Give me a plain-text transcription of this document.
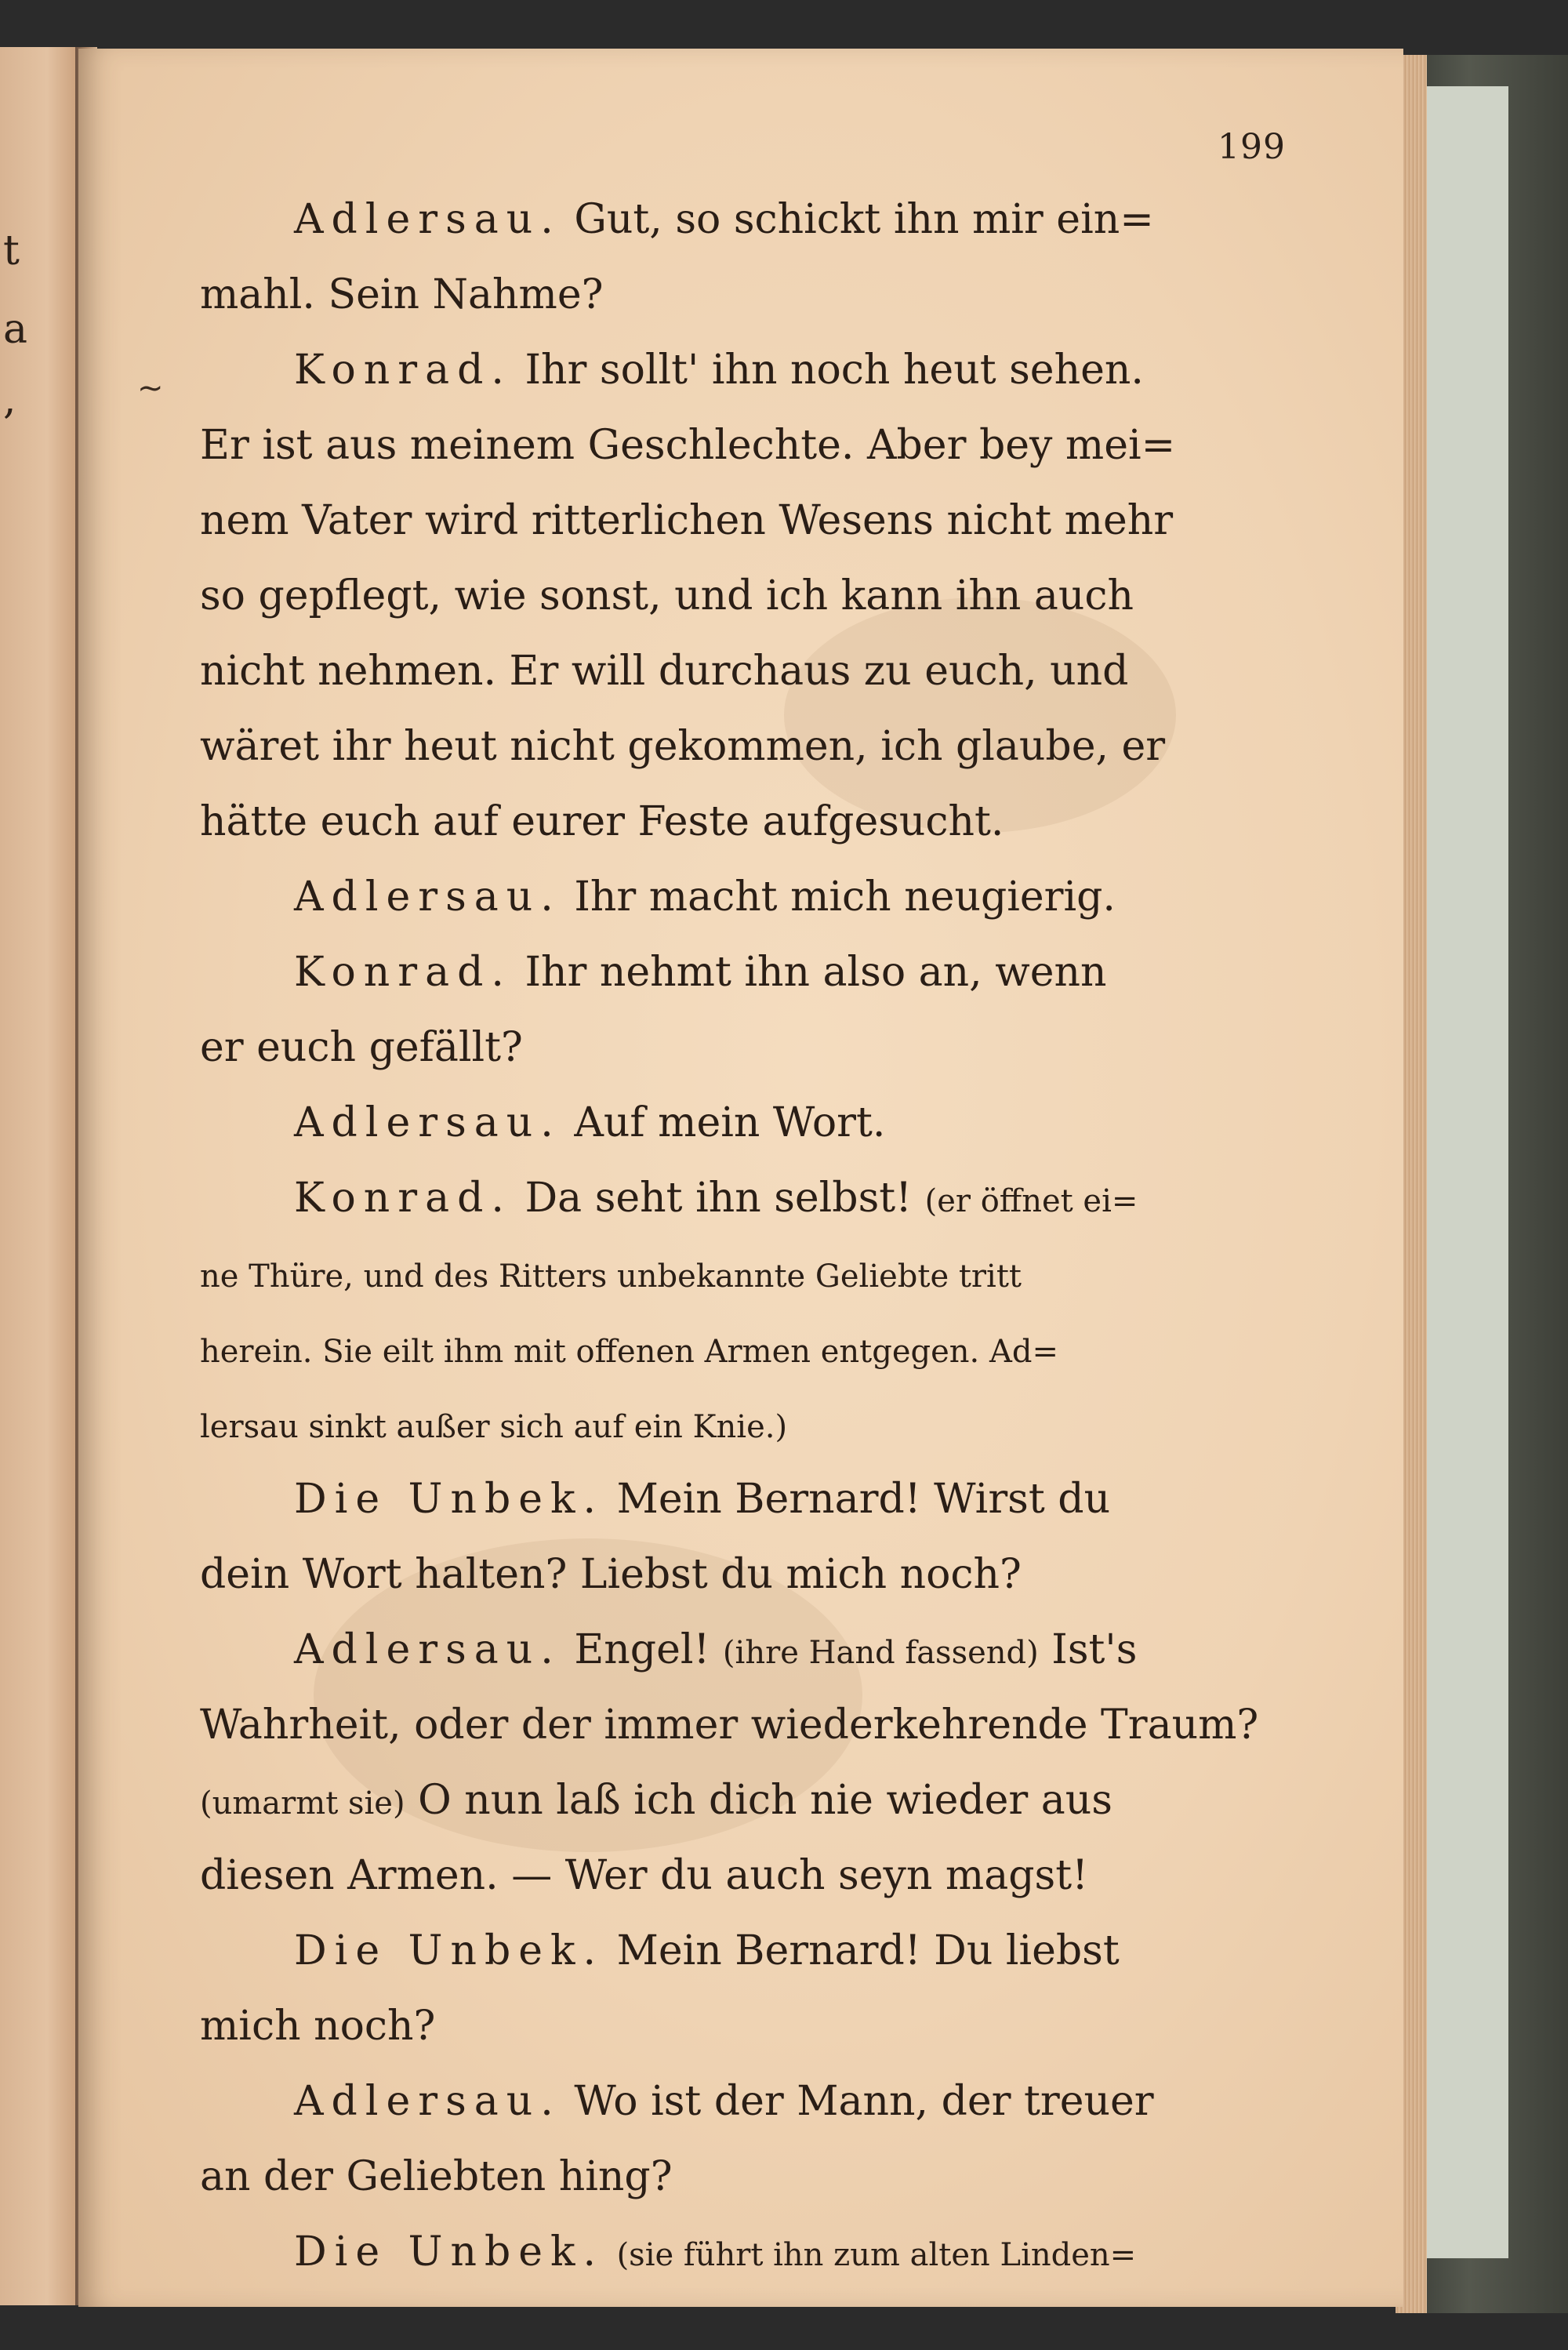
t
a
,
199
~
Adlersau. Gut, so schickt ihn mir ein=
mahl. Sein Nahme?
Konrad. Ihr sollt' ihn noch heut sehen.
Er ist aus meinem Geschlechte. Aber bey mei=
nem Vater wird ritterlichen Wesens nicht mehr
so gepflegt, wie sonst, und ich kann ihn auch
nicht nehmen. Er will durchaus zu euch, und
wäret ihr heut nicht gekommen, ich glaube, er
hätte euch auf eurer Feste aufgesucht.
Adlersau. Ihr macht mich neugierig.
Konrad. Ihr nehmt ihn also an, wenn
er euch gefällt?
Adlersau. Auf mein Wort.
Konrad. Da seht ihn selbst! (er öffnet ei=
ne Thüre, und des Ritters unbekannte Geliebte tritt
herein. Sie eilt ihm mit offenen Armen entgegen. Ad=
lersau sinkt außer sich auf ein Knie.)
Die Unbek. Mein Bernard! Wirst du
dein Wort halten? Liebst du mich noch?
Adlersau. Engel! (ihre Hand fassend) Ist's
Wahrheit, oder der immer wiederkehrende Traum?
(umarmt sie) O nun laß ich dich nie wieder aus
diesen Armen. — Wer du auch seyn magst!
Die Unbek. Mein Bernard! Du liebst
mich noch?
Adlersau. Wo ist der Mann, der treuer
an der Geliebten hing?
Die Unbek. (sie führt ihn zum alten Linden=
